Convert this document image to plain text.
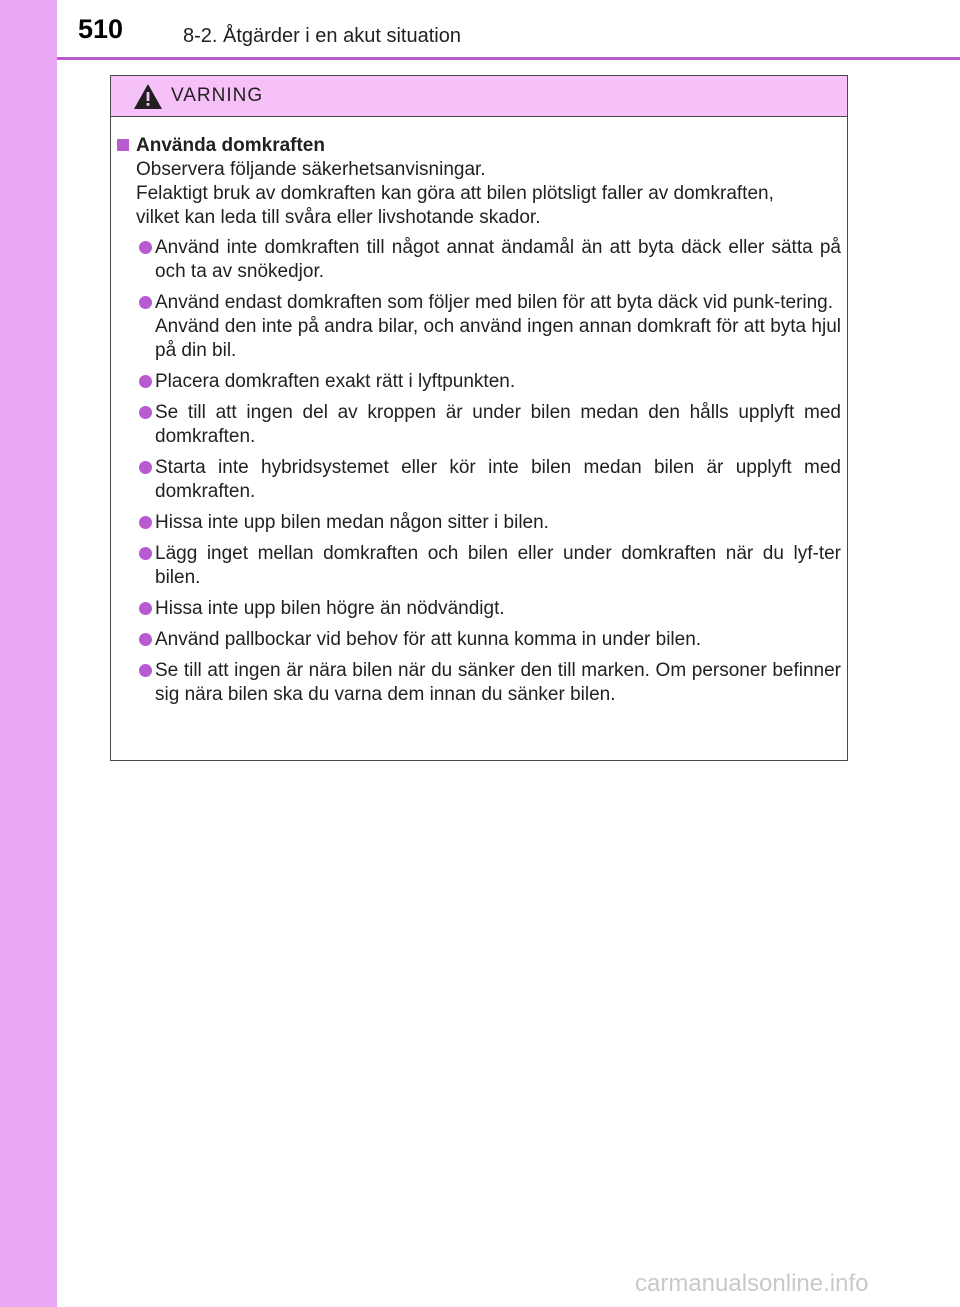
510	8-2. Åtgärder i en akut situation
VARNING
Använda domkraften
Observera följande säkerhetsanvisningar.
Felaktigt bruk av domkraften kan göra att bilen plötsligt faller av domkraften,
vilket kan leda till svåra eller livshotande skador.
Använd inte domkraften till något annat ändamål än att byta däck eller sätta på och ta av snökedjor.
Använd endast domkraften som följer med bilen för att byta däck vid punk-tering.
Använd den inte på andra bilar, och använd ingen annan domkraft för att byta hjul på din bil.
Placera domkraften exakt rätt i lyftpunkten.
Se till att ingen del av kroppen är under bilen medan den hålls upplyft med domkraften.
Starta inte hybridsystemet eller kör inte bilen medan bilen är upplyft med domkraften.
Hissa inte upp bilen medan någon sitter i bilen.
Lägg inget mellan domkraften och bilen eller under domkraften när du lyf-ter bilen.
Hissa inte upp bilen högre än nödvändigt.
Använd pallbockar vid behov för att kunna komma in under bilen.
Se till att ingen är nära bilen när du sänker den till marken. Om personer befinner sig nära bilen ska du varna dem innan du sänker bilen.
carmanualsonline.info
